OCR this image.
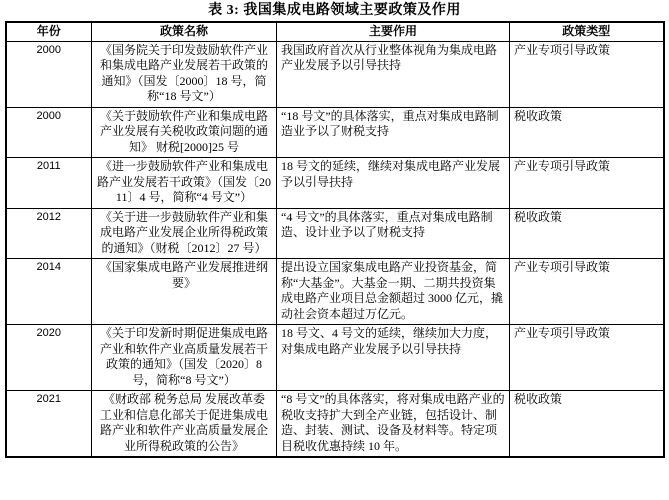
表 3: 我国集成电路领域主要政策及作用
年份	政策名称	主要作用	政策类型
2000	《国务院关于印发鼓励软件产业和集成电路产业发展若干政策的通知》（国发〔2000〕18 号，简称“18 号文”）	我国政府首次从行业整体视角为集成电路产业发展予以引导扶持	产业专项引导政策
2000	《关于鼓励软件产业和集成电路产业发展有关税收政策问题的通知》 财税[2000]25 号	“18 号文”的具体落实，重点对集成电路制造业予以了财税支持	税收政策
2011	《进一步鼓励软件产业和集成电路产业发展若干政策》（国发〔2011〕4 号，简称“4 号文”）	18 号文的延续，继续对集成电路产业发展予以引导扶持	产业专项引导政策
2012	《关于进一步鼓励软件产业和集成电路产业发展企业所得税政策的通知》（财税〔2012〕27 号）	“4 号文”的具体落实，重点对集成电路制造、设计业予以了财税支持	税收政策
2014	《国家集成电路产业发展推进纲要》	提出设立国家集成电路产业投资基金，简称“大基金”。大基金一期、二期共投资集成电路产业项目总金额超过 3000 亿元，撬动社会资本超过万亿元。	产业专项引导政策
2020	《关于印发新时期促进集成电路产业和软件产业高质量发展若干政策的通知》（国发〔2020〕8 号，简称“8 号文”）	18 号文、4 号文的延续，继续加大力度，对集成电路产业发展予以引导扶持	产业专项引导政策
2021	《财政部 税务总局 发展改革委 工业和信息化部关于促进集成电路产业和软件产业高质量发展企业所得税政策的公告》	“8 号文”的具体落实，将对集成电路产业的税收支持扩大到全产业链，包括设计、制造、封装、测试、设备及材料等。特定项目税收优惠持续 10 年。	税收政策
